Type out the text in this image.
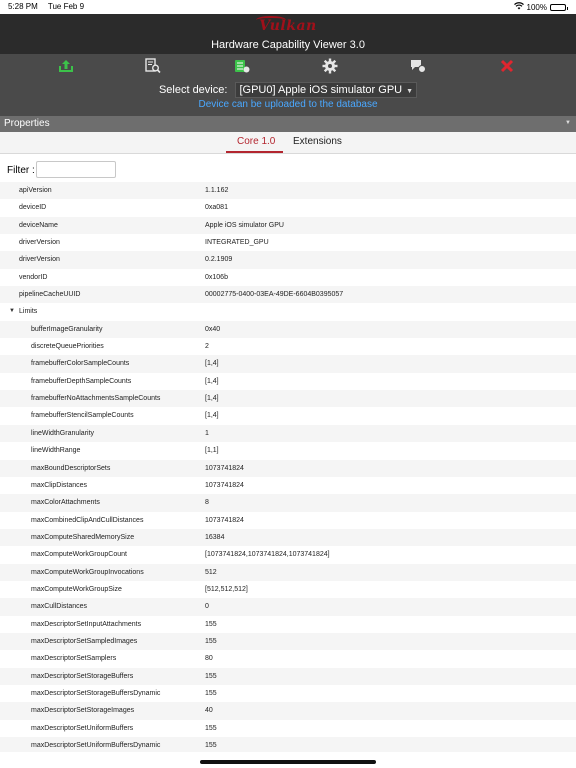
5:28 PM Tue Feb 9	100%
Vulkan
Hardware Capability Viewer 3.0
Select device: [GPU0] Apple iOS simulator GPU ▼
Device can be uploaded to the database
Properties	▼
Core 1.0 Extensions
Filter :
apiVersion	1.1.162
deviceID	0xa081
deviceName	Apple iOS simulator GPU
driverVersion	INTEGRATED_GPU
driverVersion	0.2.1909
vendorID	0x106b
pipelineCacheUUID	00002775-0400-03EA-49DE-6604B0395057
▼ Limits
bufferImageGranularity	0x40
discreteQueuePriorities	2
framebufferColorSampleCounts	[1,4]
framebufferDepthSampleCounts	[1,4]
framebufferNoAttachmentsSampleCounts	[1,4]
framebufferStencilSampleCounts	[1,4]
lineWidthGranularity	1
lineWidthRange	[1,1]
maxBoundDescriptorSets	1073741824
maxClipDistances	1073741824
maxColorAttachments	8
maxCombinedClipAndCullDistances	1073741824
maxComputeSharedMemorySize	16384
maxComputeWorkGroupCount	[1073741824,1073741824,1073741824]
maxComputeWorkGroupInvocations	512
maxComputeWorkGroupSize	[512,512,512]
maxCullDistances	0
maxDescriptorSetInputAttachments	155
maxDescriptorSetSampledImages	155
maxDescriptorSetSamplers	80
maxDescriptorSetStorageBuffers	155
maxDescriptorSetStorageBuffersDynamic	155
maxDescriptorSetStorageImages	40
maxDescriptorSetUniformBuffers	155
maxDescriptorSetUniformBuffersDynamic	155
